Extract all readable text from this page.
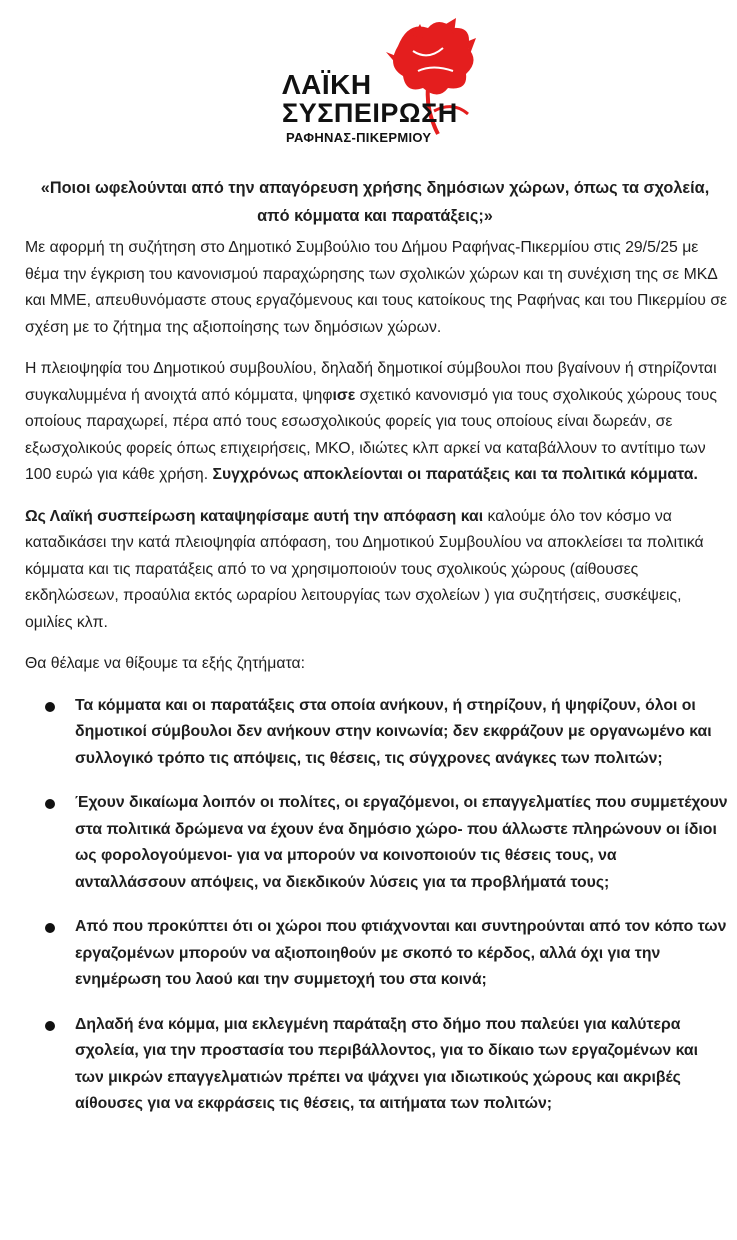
ΛΑΪΚΗ
ΣΥΣΠΕΙΡΩΣΗ
ΡΑΦΗΝΑΣ-ΠΙΚΕΡΜΙΟΥ
«Ποιοι ωφελούνται από την απαγόρευση χρήσης δημόσιων χώρων, όπως τα σχολεία,
από κόμματα και παρατάξεις;»

Με αφορμή τη συζήτηση στο Δημοτικό Συμβούλιο του Δήμου Ραφήνας-Πικερμίου στις 29/5/25 με θέμα την έγκριση του κανονισμού παραχώρησης των σχολικών χώρων και τη συνέχιση της σε ΜΚΔ και ΜΜΕ, απευθυνόμαστε στους εργαζόμενους και τους κατοίκους της Ραφήνας και του Πικερμίου σε σχέση με το ζήτημα της αξιοποίησης των δημόσιων χώρων.

Η πλειοψηφία του Δημοτικού συμβουλίου, δηλαδή δημοτικοί σύμβουλοι που βγαίνουν ή στηρίζονται συγκαλυμμένα ή ανοιχτά από κόμματα, ψηφισε σχετικό κανονισμό για τους σχολικούς χώρους τους οποίους παραχωρεί, πέρα από τους εσωσχολικούς φορείς για τους οποίους είναι δωρεάν, σε εξωσχολικούς φορείς όπως επιχειρήσεις, ΜΚΟ, ιδιώτες κλπ αρκεί να καταβάλλουν το αντίτιμο των 100 ευρώ για κάθε χρήση. Συγχρόνως αποκλείονται οι παρατάξεις και τα πολιτικά κόμματα.

Ως Λαϊκή συσπείρωση καταψηφίσαμε αυτή την απόφαση και καλούμε όλο τον κόσμο να καταδικάσει την κατά πλειοψηφία απόφαση, του Δημοτικού Συμβουλίου να αποκλείσει τα πολιτικά κόμματα και τις παρατάξεις από το να χρησιμοποιούν τους σχολικούς χώρους (αίθουσες εκδηλώσεων, προαύλια εκτός ωραρίου λειτουργίας των σχολείων ) για συζητήσεις, συσκέψεις, ομιλίες κλπ.

Θα θέλαμε να θίξουμε τα εξής ζητήματα:

Τα κόμματα και οι παρατάξεις στα οποία ανήκουν, ή στηρίζουν, ή ψηφίζουν, όλοι οι δημοτικοί σύμβουλοι δεν ανήκουν στην κοινωνία; δεν εκφράζουν με οργανωμένο και συλλογικό τρόπο τις απόψεις, τις θέσεις, τις σύγχρονες ανάγκες των πολιτών;
Έχουν δικαίωμα λοιπόν οι πολίτες, οι εργαζόμενοι, οι επαγγελματίες που συμμετέχουν στα πολιτικά δρώμενα να έχουν ένα δημόσιο χώρο- που άλλωστε πληρώνουν οι ίδιοι ως φορολογούμενοι- για να μπορούν να κοινοποιούν τις θέσεις τους, να ανταλλάσσουν απόψεις, να διεκδικούν λύσεις για τα προβλήματά τους;
Από που προκύπτει ότι οι χώροι που φτιάχνονται και συντηρούνται από τον κόπο των εργαζομένων μπορούν να αξιοποιηθούν με σκοπό το κέρδος, αλλά όχι για την ενημέρωση του λαού και την συμμετοχή του στα κοινά;
Δηλαδή ένα κόμμα, μια εκλεγμένη παράταξη στο δήμο που παλεύει για καλύτερα σχολεία, για την προστασία του περιβάλλοντος, για το δίκαιο των εργαζομένων και των μικρών επαγγελματιών πρέπει να ψάχνει για ιδιωτικούς χώρους και ακριβές αίθουσες για να εκφράσεις τις θέσεις, τα αιτήματα των πολιτών;
